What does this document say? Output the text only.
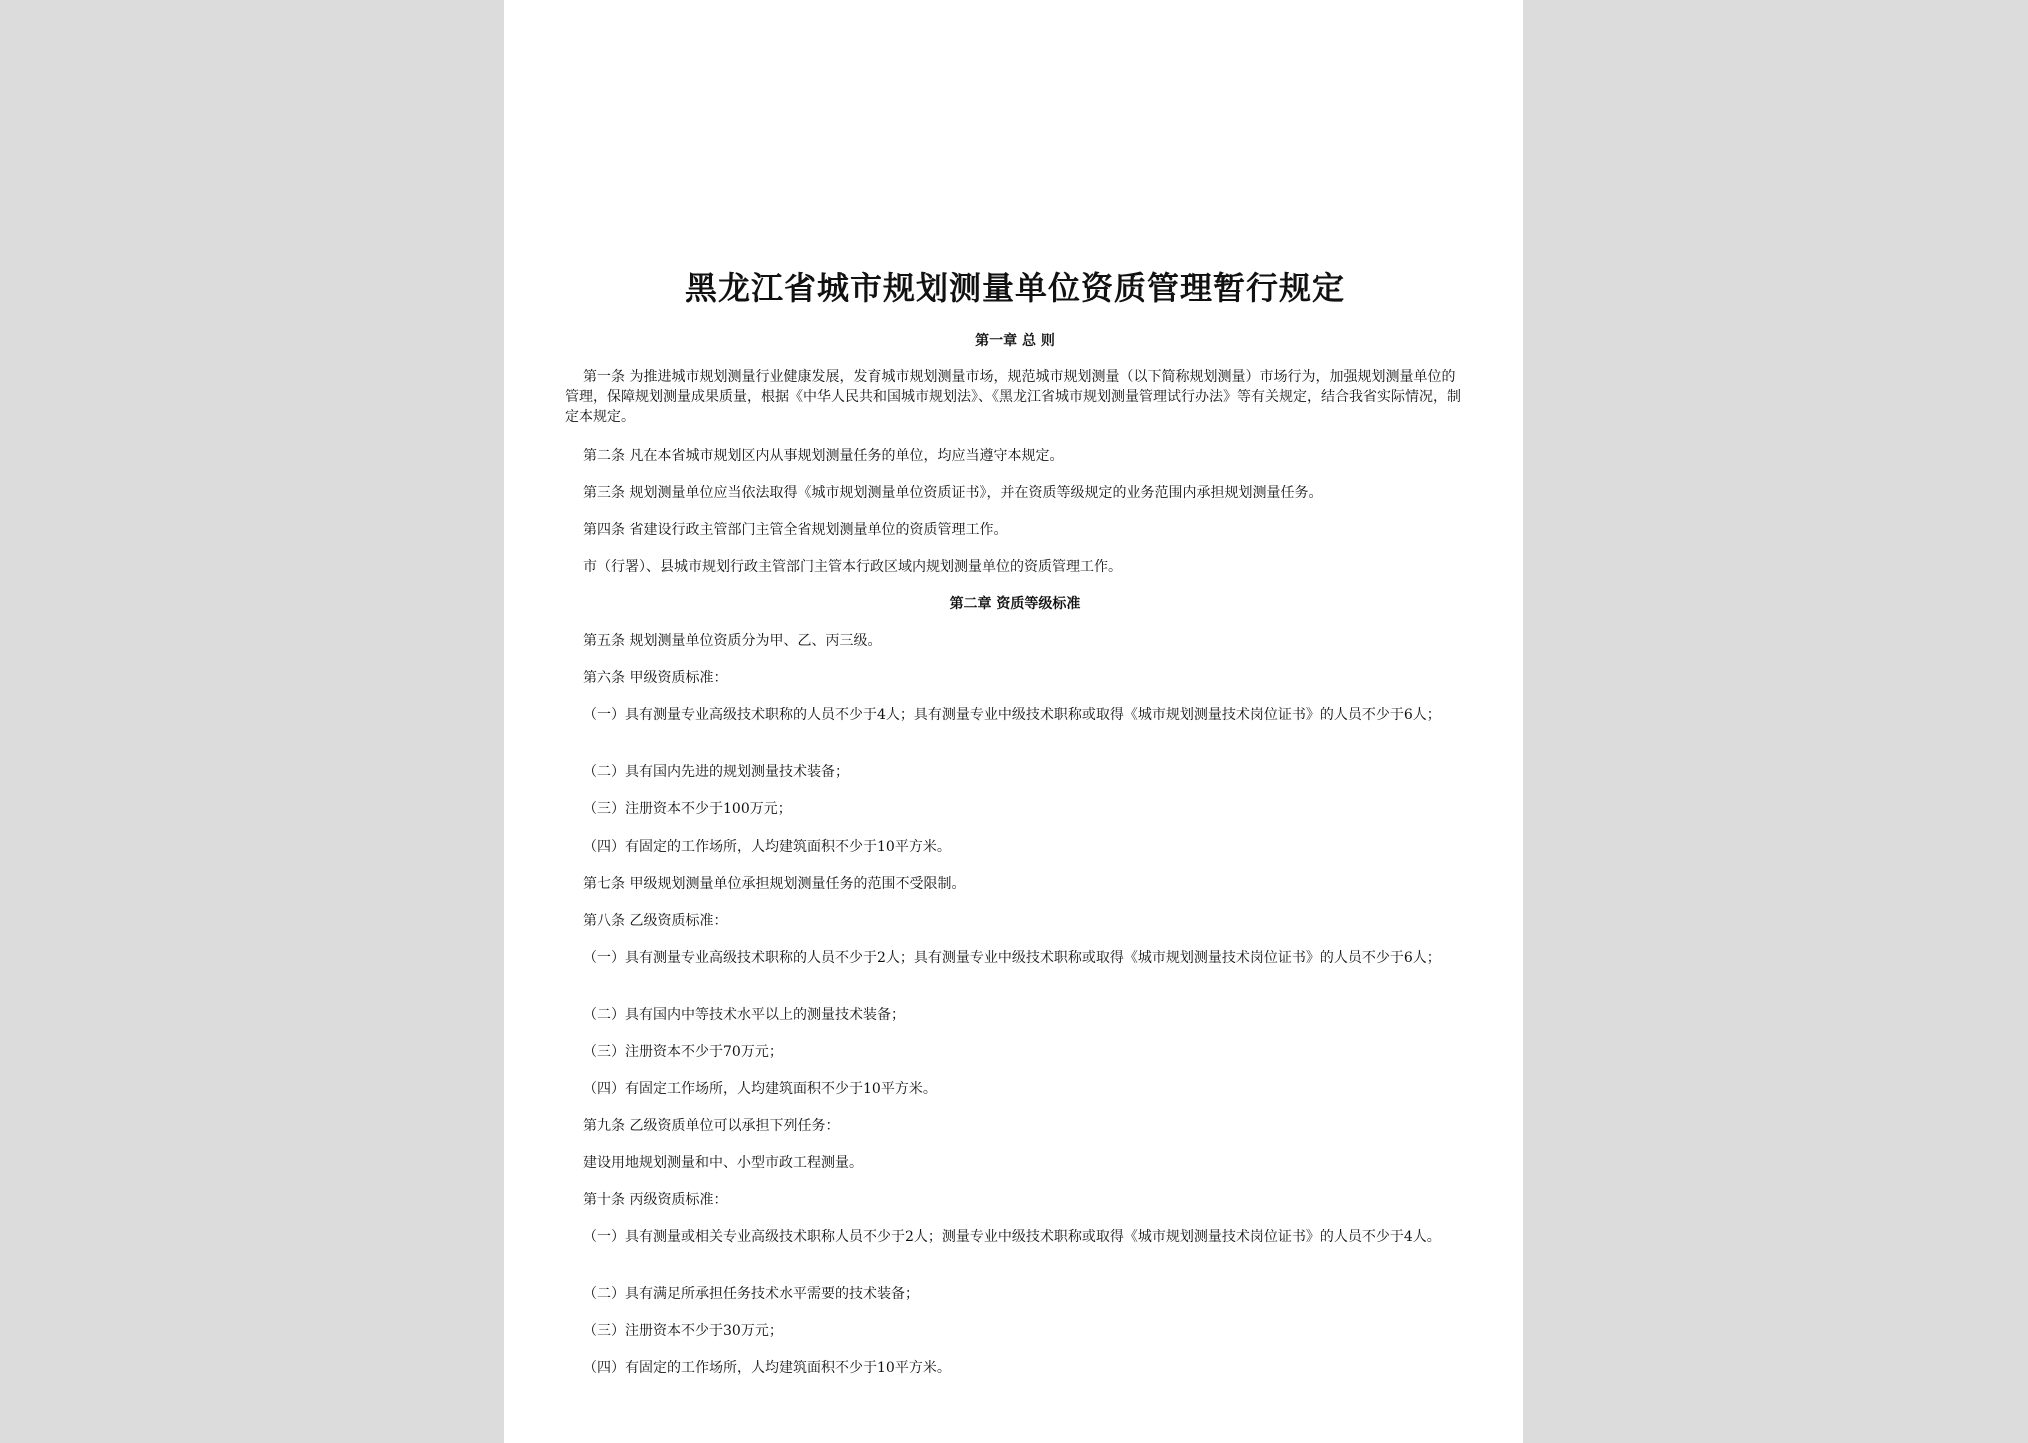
黑龙江省城市规划测量单位资质管理暂行规定
第一章 总 则

第一条 为推进城市规划测量行业健康发展，发育城市规划测量市场，规范城市规划测量（以下简称规划测量）市场行为，加强规划测量单位的管理，保障规划测量成果质量，根据《中华人民共和国城市规划法》、《黑龙江省城市规划测量管理试行办法》等有关规定，结合我省实际情况，制定本规定。

第二条 凡在本省城市规划区内从事规划测量任务的单位，均应当遵守本规定。

第三条 规划测量单位应当依法取得《城市规划测量单位资质证书》，并在资质等级规定的业务范围内承担规划测量任务。

第四条 省建设行政主管部门主管全省规划测量单位的资质管理工作。

市（行署）、县城市规划行政主管部门主管本行政区域内规划测量单位的资质管理工作。

第二章 资质等级标准

第五条 规划测量单位资质分为甲、乙、丙三级。

第六条 甲级资质标准：

（一）具有测量专业高级技术职称的人员不少于4人；具有测量专业中级技术职称或取得《城市规划测量技术岗位证书》的人员不少于6人；

（二）具有国内先进的规划测量技术装备；

（三）注册资本不少于100万元；

（四）有固定的工作场所，人均建筑面积不少于10平方米。

第七条 甲级规划测量单位承担规划测量任务的范围不受限制。

第八条 乙级资质标准：

（一）具有测量专业高级技术职称的人员不少于2人；具有测量专业中级技术职称或取得《城市规划测量技术岗位证书》的人员不少于6人；

（二）具有国内中等技术水平以上的测量技术装备；

（三）注册资本不少于70万元；

（四）有固定工作场所，人均建筑面积不少于10平方米。

第九条 乙级资质单位可以承担下列任务：

建设用地规划测量和中、小型市政工程测量。

第十条 丙级资质标准：

（一）具有测量或相关专业高级技术职称人员不少于2人；测量专业中级技术职称或取得《城市规划测量技术岗位证书》的人员不少于4人。

（二）具有满足所承担任务技术水平需要的技术装备；

（三）注册资本不少于30万元；

（四）有固定的工作场所，人均建筑面积不少于10平方米。
